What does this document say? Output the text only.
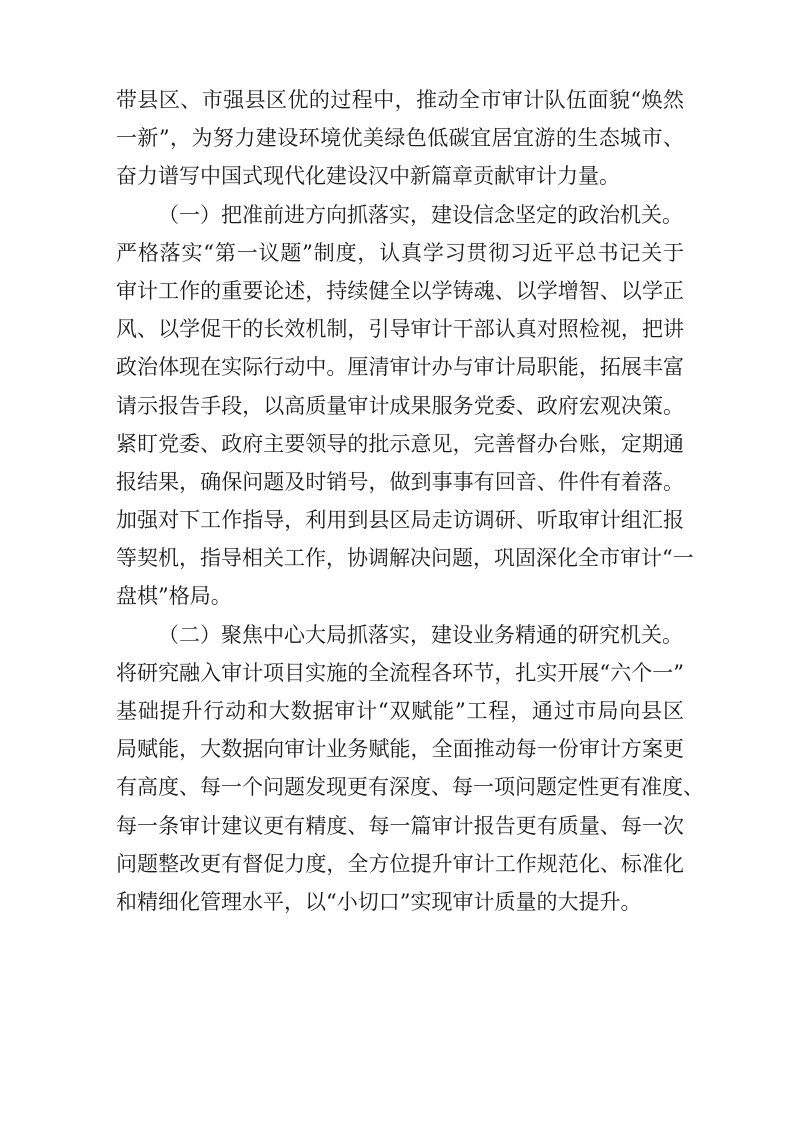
带县区、市强县区优的过程中，推动全市审计队伍面貌“焕然
一新”，为努力建设环境优美绿色低碳宜居宜游的生态城市、
奋力谱写中国式现代化建设汉中新篇章贡献审计力量。
（一）把准前进方向抓落实，建设信念坚定的政治机关。
严格落实“第一议题”制度，认真学习贯彻习近平总书记关于
审计工作的重要论述，持续健全以学铸魂、以学增智、以学正
风、以学促干的长效机制，引导审计干部认真对照检视，把讲
政治体现在实际行动中。厘清审计办与审计局职能，拓展丰富
请示报告手段，以高质量审计成果服务党委、政府宏观决策。
紧盯党委、政府主要领导的批示意见，完善督办台账，定期通
报结果，确保问题及时销号，做到事事有回音、件件有着落。
加强对下工作指导，利用到县区局走访调研、听取审计组汇报
等契机，指导相关工作，协调解决问题，巩固深化全市审计“一
盘棋”格局。
（二）聚焦中心大局抓落实，建设业务精通的研究机关。
将研究融入审计项目实施的全流程各环节，扎实开展“六个一”
基础提升行动和大数据审计“双赋能”工程，通过市局向县区
局赋能，大数据向审计业务赋能，全面推动每一份审计方案更
有高度、每一个问题发现更有深度、每一项问题定性更有准度、
每一条审计建议更有精度、每一篇审计报告更有质量、每一次
问题整改更有督促力度，全方位提升审计工作规范化、标准化
和精细化管理水平，以“小切口”实现审计质量的大提升。
